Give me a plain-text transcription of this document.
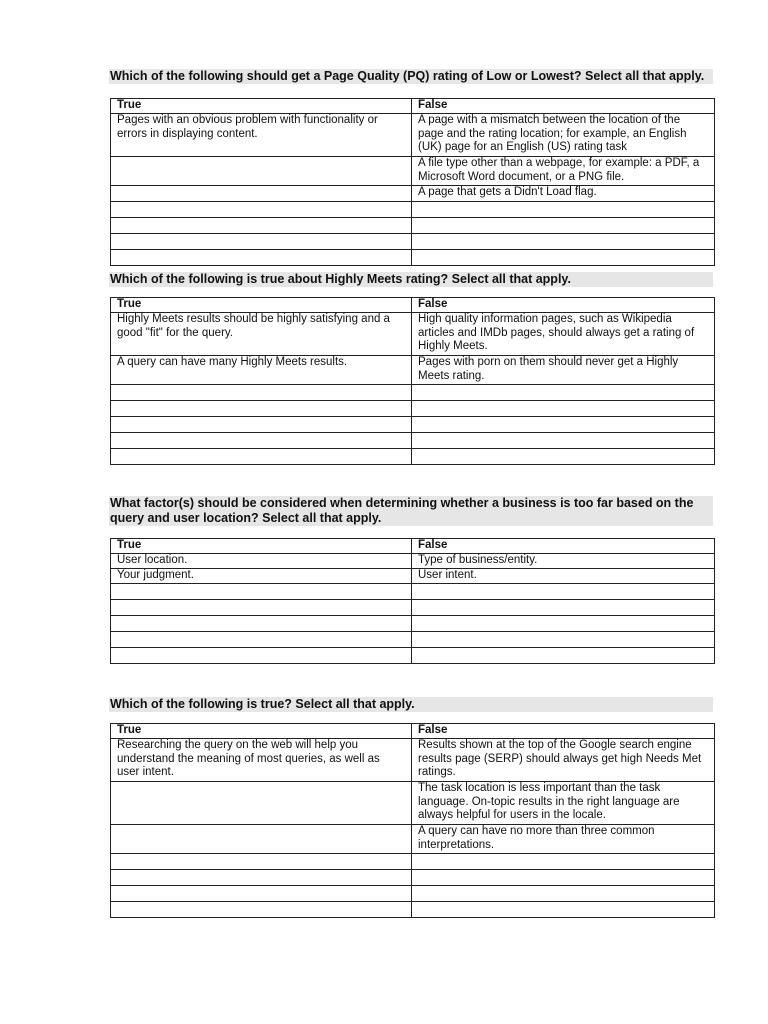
Which of the following should get a Page Quality (PQ) rating of Low or Lowest? Select all that apply.
True	False
Pages with an obvious problem with functionality or errors in displaying content.	A page with a mismatch between the location of the page and the rating location; for example, an English (UK) page for an English (US) rating task
	A file type other than a webpage, for example: a PDF, a Microsoft Word document, or a PNG file.
	A page that gets a Didn't Load flag.

Which of the following is true about Highly Meets rating? Select all that apply.
True	False
Highly Meets results should be highly satisfying and a good "fit" for the query.	High quality information pages, such as Wikipedia articles and IMDb pages, should always get a rating of Highly Meets.
A query can have many Highly Meets results.	Pages with porn on them should never get a Highly Meets rating.

What factor(s) should be considered when determining whether a business is too far based on the query and user location? Select all that apply.
True	False
User location.	Type of business/entity.
Your judgment.	User intent.

Which of the following is true? Select all that apply.
True	False
Researching the query on the web will help you understand the meaning of most queries, as well as user intent.	Results shown at the top of the Google search engine results page (SERP) should always get high Needs Met ratings.
	The task location is less important than the task language. On-topic results in the right language are always helpful for users in the locale.
	A query can have no more than three common interpretations.
